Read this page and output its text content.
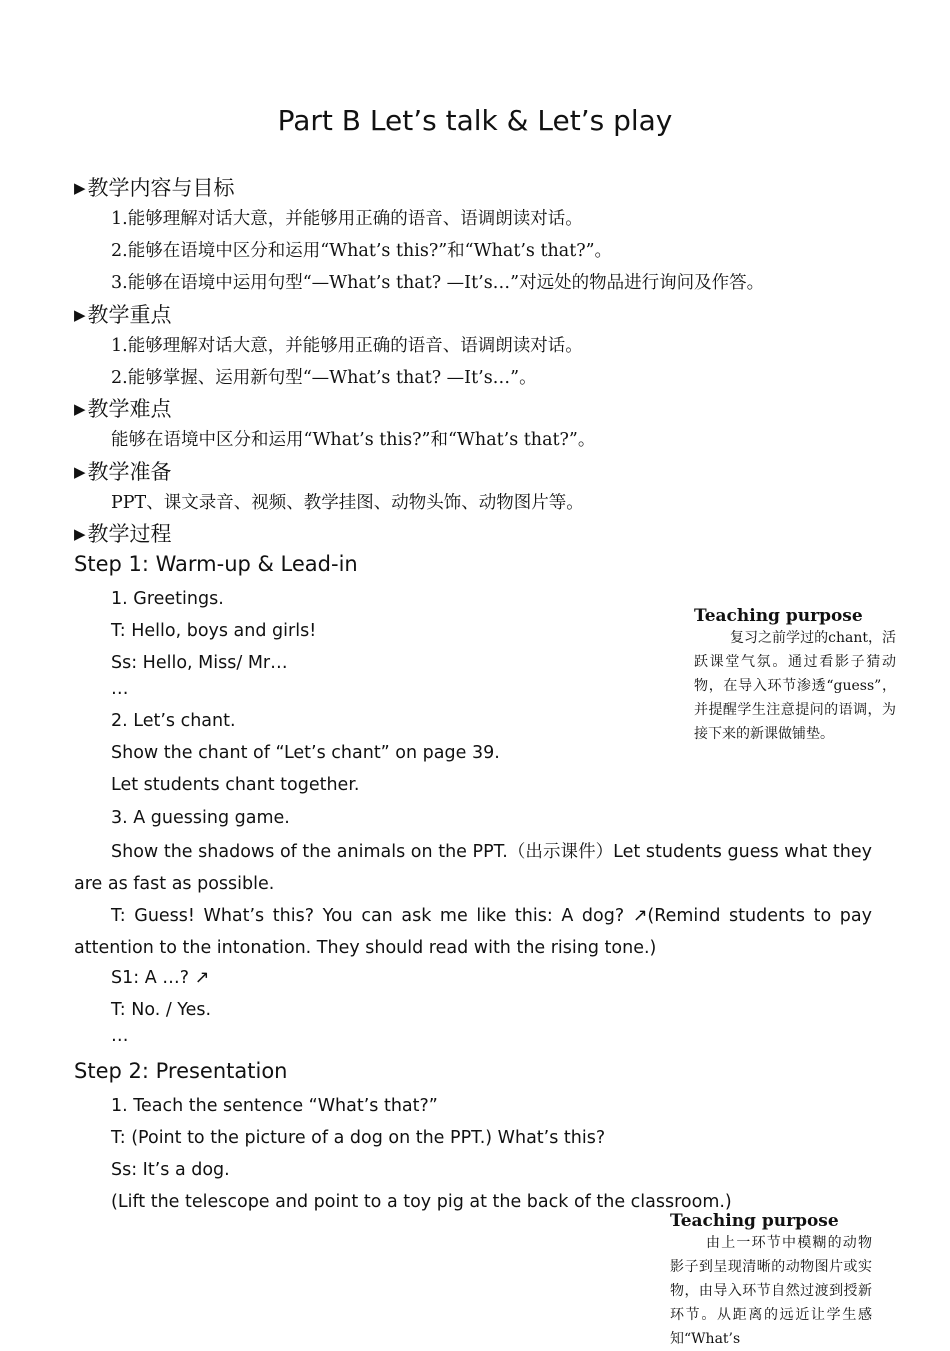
Part B Let’s talk & Let’s play
▶教学内容与目标
1.能够理解对话大意，并能够用正确的语音、语调朗读对话。
2.能够在语境中区分和运用“What’s this?”和“What’s that?”。
3.能够在语境中运用句型“—What’s that? —It’s…”对远处的物品进行询问及作答。
▶教学重点
1.能够理解对话大意，并能够用正确的语音、语调朗读对话。
2.能够掌握、运用新句型“—What’s that? —It’s…”。
▶教学难点
能够在语境中区分和运用“What’s this?”和“What’s that?”。
▶教学准备
PPT、课文录音、视频、教学挂图、动物头饰、动物图片等。
▶教学过程
Step 1: Warm-up & Lead-in
1. Greetings.
T: Hello, boys and girls!
Ss: Hello, Miss/ Mr…
…
2. Let’s chant.
Show the chant of “Let’s chant” on page 39.
Let students chant together.
3. A guessing game.
Show the shadows of the animals on the PPT.（出示课件）Let students guess what they are as fast as possible.
T: Guess! What’s this? You can ask me like this: A dog? ↗(Remind students to pay attention to the intonation. They should read with the rising tone.)
S1: A …? ↗
T: No. / Yes.
…
Step 2: Presentation
1. Teach the sentence “What’s that?”
T: (Point to the picture of a dog on the PPT.) What’s this?
Ss: It’s a dog.
(Lift the telescope and point to a toy pig at the back of the classroom.)
Teaching purpose
复习之前学过的chant，活跃课堂气氛。通过看影子猜动物，在导入环节渗透“guess”，并提醒学生注意提问的语调，为接下来的新课做铺垫。
Teaching purpose
由上一环节中模糊的动物影子到呈现清晰的动物图片或实物，由导入环节自然过渡到授新环节。从距离的远近让学生感知“What’s
